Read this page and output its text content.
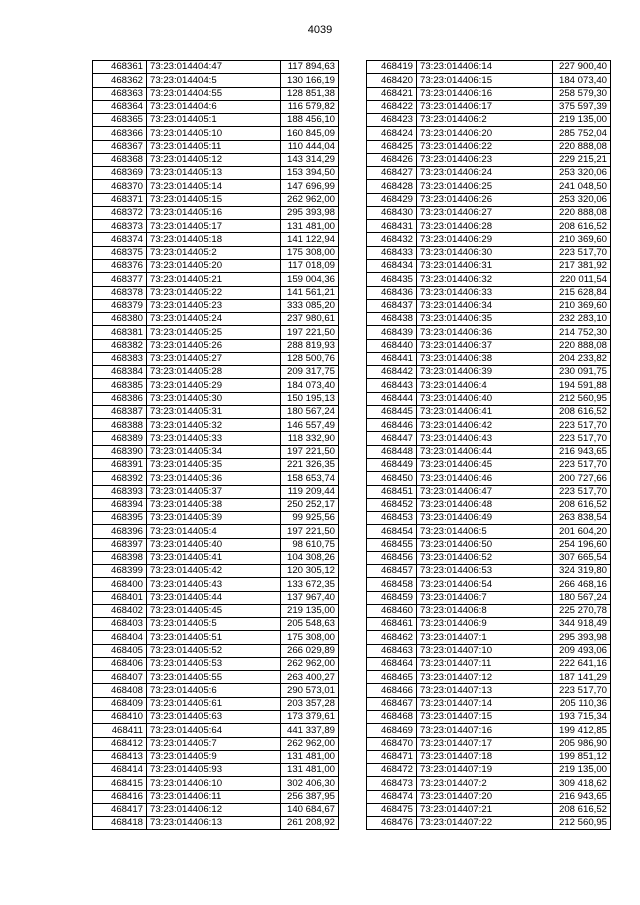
4039
468361	73:23:014404:47	117 894,63
468362	73:23:014404:5	130 166,19
468363	73:23:014404:55	128 851,38
468364	73:23:014404:6	116 579,82
468365	73:23:014405:1	188 456,10
468366	73:23:014405:10	160 845,09
468367	73:23:014405:11	110 444,04
468368	73:23:014405:12	143 314,29
468369	73:23:014405:13	153 394,50
468370	73:23:014405:14	147 696,99
468371	73:23:014405:15	262 962,00
468372	73:23:014405:16	295 393,98
468373	73:23:014405:17	131 481,00
468374	73:23:014405:18	141 122,94
468375	73:23:014405:2	175 308,00
468376	73:23:014405:20	117 018,09
468377	73:23:014405:21	159 004,36
468378	73:23:014405:22	141 561,21
468379	73:23:014405:23	333 085,20
468380	73:23:014405:24	237 980,61
468381	73:23:014405:25	197 221,50
468382	73:23:014405:26	288 819,93
468383	73:23:014405:27	128 500,76
468384	73:23:014405:28	209 317,75
468385	73:23:014405:29	184 073,40
468386	73:23:014405:30	150 195,13
468387	73:23:014405:31	180 567,24
468388	73:23:014405:32	146 557,49
468389	73:23:014405:33	118 332,90
468390	73:23:014405:34	197 221,50
468391	73:23:014405:35	221 326,35
468392	73:23:014405:36	158 653,74
468393	73:23:014405:37	119 209,44
468394	73:23:014405:38	250 252,17
468395	73:23:014405:39	99 925,56
468396	73:23:014405:4	197 221,50
468397	73:23:014405:40	98 610,75
468398	73:23:014405:41	104 308,26
468399	73:23:014405:42	120 305,12
468400	73:23:014405:43	133 672,35
468401	73:23:014405:44	137 967,40
468402	73:23:014405:45	219 135,00
468403	73:23:014405:5	205 548,63
468404	73:23:014405:51	175 308,00
468405	73:23:014405:52	266 029,89
468406	73:23:014405:53	262 962,00
468407	73:23:014405:55	263 400,27
468408	73:23:014405:6	290 573,01
468409	73:23:014405:61	203 357,28
468410	73:23:014405:63	173 379,61
468411	73:23:014405:64	441 337,89
468412	73:23:014405:7	262 962,00
468413	73:23:014405:9	131 481,00
468414	73:23:014405:93	131 481,00
468415	73:23:014406:10	302 406,30
468416	73:23:014406:11	256 387,95
468417	73:23:014406:12	140 684,67
468418	73:23:014406:13	261 208,92
468419	73:23:014406:14	227 900,40
468420	73:23:014406:15	184 073,40
468421	73:23:014406:16	258 579,30
468422	73:23:014406:17	375 597,39
468423	73:23:014406:2	219 135,00
468424	73:23:014406:20	285 752,04
468425	73:23:014406:22	220 888,08
468426	73:23:014406:23	229 215,21
468427	73:23:014406:24	253 320,06
468428	73:23:014406:25	241 048,50
468429	73:23:014406:26	253 320,06
468430	73:23:014406:27	220 888,08
468431	73:23:014406:28	208 616,52
468432	73:23:014406:29	210 369,60
468433	73:23:014406:30	223 517,70
468434	73:23:014406:31	217 381,92
468435	73:23:014406:32	220 011,54
468436	73:23:014406:33	215 628,84
468437	73:23:014406:34	210 369,60
468438	73:23:014406:35	232 283,10
468439	73:23:014406:36	214 752,30
468440	73:23:014406:37	220 888,08
468441	73:23:014406:38	204 233,82
468442	73:23:014406:39	230 091,75
468443	73:23:014406:4	194 591,88
468444	73:23:014406:40	212 560,95
468445	73:23:014406:41	208 616,52
468446	73:23:014406:42	223 517,70
468447	73:23:014406:43	223 517,70
468448	73:23:014406:44	216 943,65
468449	73:23:014406:45	223 517,70
468450	73:23:014406:46	200 727,66
468451	73:23:014406:47	223 517,70
468452	73:23:014406:48	208 616,52
468453	73:23:014406:49	263 838,54
468454	73:23:014406:5	201 604,20
468455	73:23:014406:50	254 196,60
468456	73:23:014406:52	307 665,54
468457	73:23:014406:53	324 319,80
468458	73:23:014406:54	266 468,16
468459	73:23:014406:7	180 567,24
468460	73:23:014406:8	225 270,78
468461	73:23:014406:9	344 918,49
468462	73:23:014407:1	295 393,98
468463	73:23:014407:10	209 493,06
468464	73:23:014407:11	222 641,16
468465	73:23:014407:12	187 141,29
468466	73:23:014407:13	223 517,70
468467	73:23:014407:14	205 110,36
468468	73:23:014407:15	193 715,34
468469	73:23:014407:16	199 412,85
468470	73:23:014407:17	205 986,90
468471	73:23:014407:18	199 851,12
468472	73:23:014407:19	219 135,00
468473	73:23:014407:2	309 418,62
468474	73:23:014407:20	216 943,65
468475	73:23:014407:21	208 616,52
468476	73:23:014407:22	212 560,95
